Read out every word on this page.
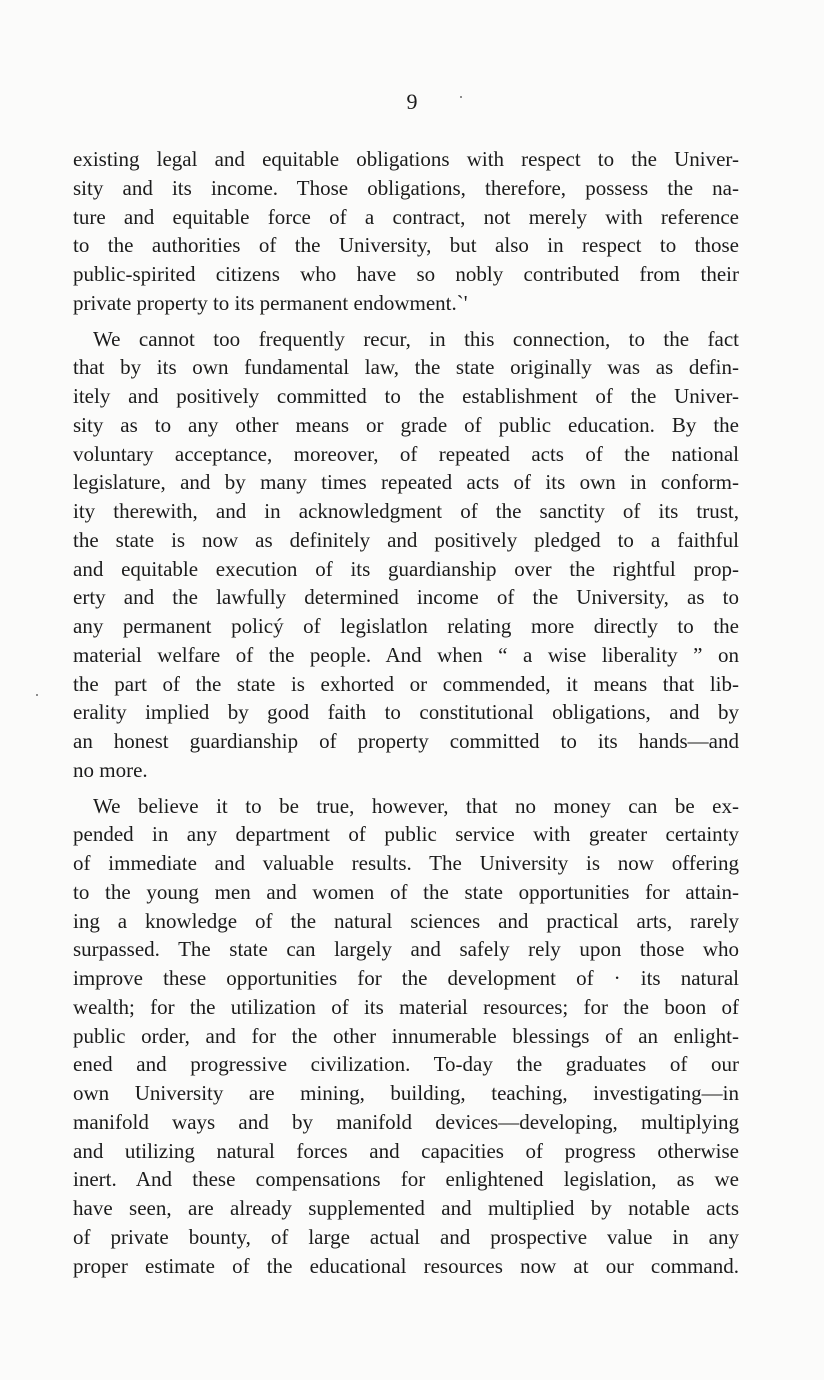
9

existing legal and equitable obligations with respect to the Univer-
sity and its income. Those obligations, therefore, possess the na-
ture and equitable force of a contract, not merely with reference
to the authorities of the University, but also in respect to those
public-spirited citizens who have so nobly contributed from their
private property to its permanent endowment.`'

We cannot too frequently recur, in this connection, to the fact
that by its own fundamental law, the state originally was as defin-
itely and positively committed to the establishment of the Univer-
sity as to any other means or grade of public education. By the
voluntary acceptance, moreover, of repeated acts of the national
legislature, and by many times repeated acts of its own in conform-
ity therewith, and in acknowledgment of the sanctity of its trust,
the state is now as definitely and positively pledged to a faithful
and equitable execution of its guardianship over the rightful prop-
erty and the lawfully determined income of the University, as to
any permanent policý of legislatlon relating more directly to the
material welfare of the people. And when “ a wise liberality ” on
the part of the state is exhorted or commended, it means that lib-
erality implied by good faith to constitutional obligations, and by
an honest guardianship of property committed to its hands—and
no more.

We believe it to be true, however, that no money can be ex-
pended in any department of public service with greater certainty
of immediate and valuable results. The University is now offering
to the young men and women of the state opportunities for attain-
ing a knowledge of the natural sciences and practical arts, rarely
surpassed. The state can largely and safely rely upon those who
improve these opportunities for the development of · its natural
wealth; for the utilization of its material resources; for the boon of
public order, and for the other innumerable blessings of an enlight-
ened and progressive civilization. To-day the graduates of our
own University are mining, building, teaching, investigating—in
manifold ways and by manifold devices—developing, multiplying
and utilizing natural forces and capacities of progress otherwise
inert. And these compensations for enlightened legislation, as we
have seen, are already supplemented and multiplied by notable acts
of private bounty, of large actual and prospective value in any
proper estimate of the educational resources now at our command.
